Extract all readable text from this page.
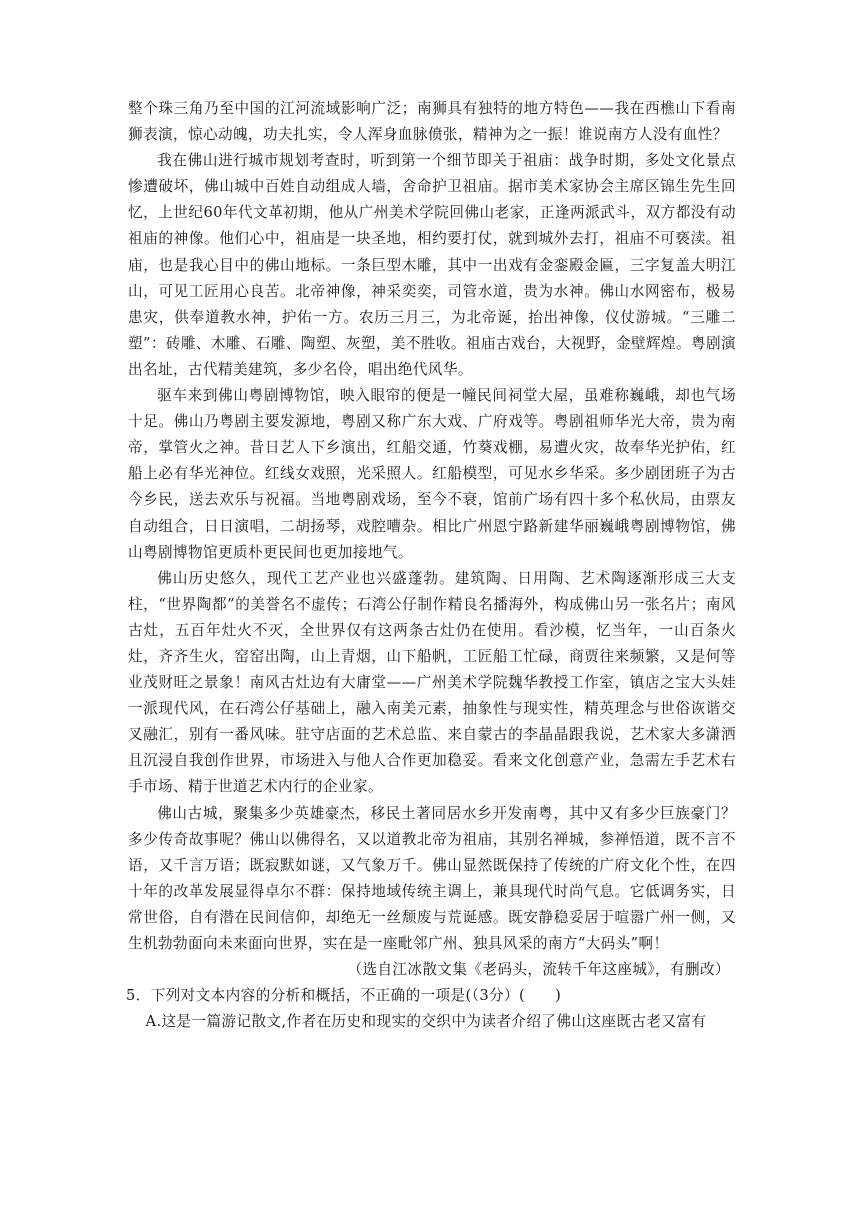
整个珠三角乃至中国的江河流域影响广泛；南狮具有独特的地方特色——我在西樵山下看南狮表演，惊心动魄，功夫扎实，令人浑身血脉偾张，精神为之一振！谁说南方人没有血性？

我在佛山进行城市规划考查时，听到第一个细节即关于祖庙：战争时期，多处文化景点惨遭破坏，佛山城中百姓自动组成人墙，舍命护卫祖庙。据市美术家协会主席区锦生先生回忆，上世纪60年代文革初期，他从广州美术学院回佛山老家，正逢两派武斗，双方都没有动祖庙的神像。他们心中，祖庙是一块圣地，相约要打仗，就到城外去打，祖庙不可亵渎。祖庙，也是我心目中的佛山地标。一条巨型木雕，其中一出戏有金銮殿金匾，三字复盖大明江山，可见工匠用心良苦。北帝神像，神采奕奕，司管水道，贵为水神。佛山水网密布，极易患灾，供奉道教水神，护佑一方。农历三月三，为北帝诞，抬出神像，仪仗游城。“三雕二塑”：砖雕、木雕、石雕、陶塑、灰塑，美不胜收。祖庙古戏台，大视野，金壁辉煌。粤剧演出名址，古代精美建筑，多少名伶，唱出绝代风华。

驱车来到佛山粤剧博物馆，映入眼帘的便是一幢民间祠堂大屋，虽难称巍峨，却也气场十足。佛山乃粤剧主要发源地，粤剧又称广东大戏、广府戏等。粤剧祖师华光大帝，贵为南帝，掌管火之神。昔日艺人下乡演出，红船交通，竹葵戏棚，易遭火灾，故奉华光护佑，红船上必有华光神位。红线女戏照，光采照人。红船模型，可见水乡华采。多少剧团班子为古今乡民，送去欢乐与祝福。当地粤剧戏场，至今不衰，馆前广场有四十多个私伙局，由票友自动组合，日日演唱，二胡扬琴，戏腔嘈杂。相比广州恩宁路新建华丽巍峨粤剧博物馆，佛山粤剧博物馆更质朴更民间也更加接地气。

佛山历史悠久，现代工艺产业也兴盛蓬勃。建筑陶、日用陶、艺术陶逐渐形成三大支柱，“世界陶都”的美誉名不虚传；石湾公仔制作精良名播海外，构成佛山另一张名片；南风古灶，五百年灶火不灭，全世界仅有这两条古灶仍在使用。看沙模，忆当年，一山百条火灶，齐齐生火，窑窑出陶，山上青烟，山下船帆，工匠船工忙碌，商贾往来频繁，又是何等业茂财旺之景象！南风古灶边有大庸堂——广州美术学院魏华教授工作室，镇店之宝大头娃一派现代风，在石湾公仔基础上，融入南美元素，抽象性与现实性，精英理念与世俗诙谐交叉融汇，别有一番风味。驻守店面的艺术总监、来自蒙古的李晶晶跟我说，艺术家大多潇洒且沉浸自我创作世界，市场进入与他人合作更加稳妥。看来文化创意产业，急需左手艺术右手市场、精于世道艺术内行的企业家。

佛山古城，聚集多少英雄豪杰，移民土著同居水乡开发南粤，其中又有多少巨族豪门？多少传奇故事呢？佛山以佛得名，又以道教北帝为祖庙，其别名禅城，参禅悟道，既不言不语，又千言万语；既寂默如谜，又气象万千。佛山显然既保持了传统的广府文化个性，在四十年的改革发展显得卓尔不群：保持地域传统主调上，兼具现代时尚气息。它低调务实，日常世俗，自有潜在民间信仰，却绝无一丝颓废与荒诞感。既安静稳妥居于喧嚣广州一侧，又生机勃勃面向未来面向世界，实在是一座毗邻广州、独具风采的南方“大码头”啊！

（选自江冰散文集《老码头，流转千年这座城》，有删改）

5．下列对文本内容的分析和概括，不正确的一项是(（3分）(　　)

A.这是一篇游记散文,作者在历史和现实的交织中为读者介绍了佛山这座既古老又富有
